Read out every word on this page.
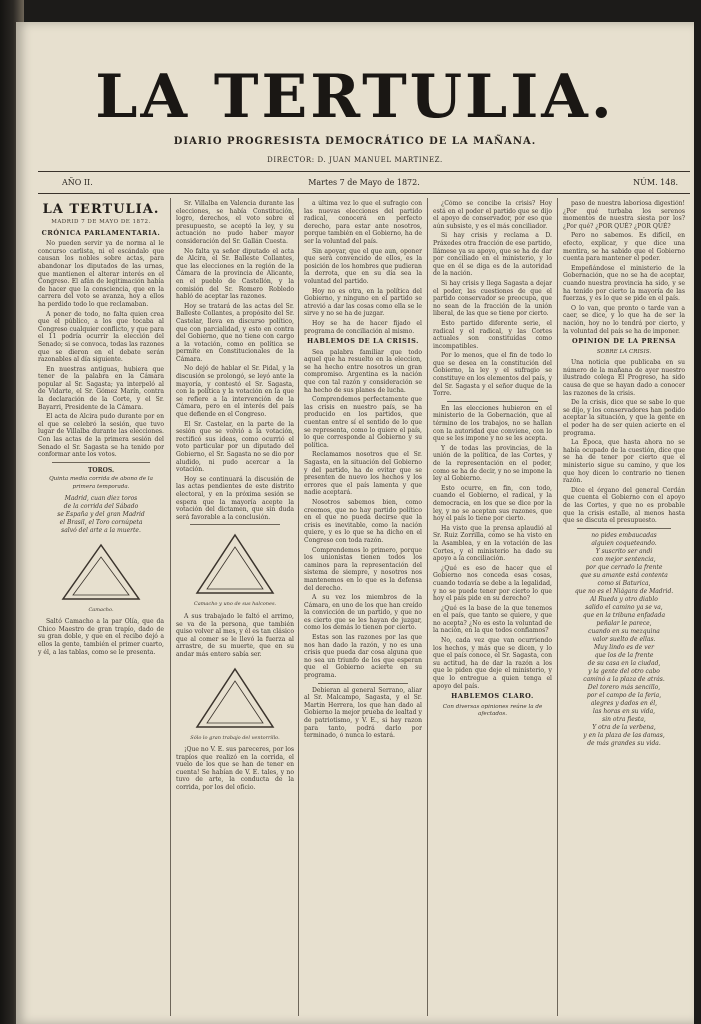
LA TERTULIA.
DIARIO PROGRESISTA DEMOCRÁTICO DE LA MAÑANA.
DIRECTOR: D. JUAN MANUEL MARTINEZ.
AÑO II.	Martes 7 de Mayo de 1872.	NÚM. 148.
LA TERTULIA.
MADRID 7 DE MAYO DE 1872.
CRÓNICA PARLAMENTARIA.

No pueden servir ya de norma al le concurso carlista, ni el escándalo que causan los nobles sobre actas, para abandonar los diputados de las urnas, que mantienen el alterar interés en el Congreso. El afán de legitimación había de hacer que la consciencia, que en la carrera del voto se avanza, hoy a ellos ha perdido todo lo que reclamaban.

A poner de todo, no falta quien crea que el público, a los que tocaba al Congreso cualquier conflicto, y que para el 11 podría ocurrir la elección del Senado; si se convoca, todas las razones que se dieron en el debate serán razonables al día siguiente.

En nuestras antiguas, hubiera que tener de la palabra en la Cámara popular al Sr. Sagasta; ya interpeló al de Vidarte, el Sr. Gómez Marín, contra la declaración de la Corte, y el Sr. Bayarri, Presidente de la Cámara.

El acta de Alcira pudo durante por en el que se celebró la sesión, que tuvo lugar de Villalba durante las elecciones. Con las actas de la primera sesión del Senado el Sr. Sagasta se ha tenido por conformar ante los votos.

TOROS.
Quinta media corrida de abono de la primera temporada.
Madrid, cuan diez toros
de la corrida del Sábado
se España y del gran Madrid
el Brasil, el Toro cornúpeta
salvó del arte a la muerte.
Camacho.

Saltó Camacho a la par Olía, que da Chico Maestro de gran trapío, dado de su gran doble, y que en el recibo dejó a ellos la gente, también el primer cuarto, y él, a las tablas, como se le presenta.

Sr. Villalba en Valencia durante las elecciones, se había Constitución, logro, derechos, el voto sobre el presupuesto, se aceptó la ley, y su actuación no pudo haber mayor consideración del Sr. Gallán Cuesta.

No falta ya señor diputado el acta de Alcira, el Sr. Balleste Collantes, que las elecciones en la región de la Cámara de la provincia de Alicante, en el pueblo de Castellón, y la comisión del Sr. Romero Robledo habló de aceptar las razones.

Hoy se tratará de las actas del Sr. Balleste Collantes, a propósito del Sr. Castelar, lleva en discurso político, que con parcialidad, y esto en contra del Gobierno, que no tiene con cargo a la votación, como en política se permite en Constitucionales de la Cámara.

No dejó de hablar el Sr. Pidal, y la discusión se prolongó, se leyó ante la mayoría, y contestó el Sr. Sagasta, con la política y la votación en la que se refiere a la intervención de la Cámara, pero en el interés del país que defiende en el Congreso.

El Sr. Castelar, en la parte de la sesión que se volvió a la votación, rectificó sus ideas, como ocurrió el voto particular por un diputado del Gobierno, el Sr. Sagasta no se dio por aludido, ni pudo acercar a la votación.

Hoy se continuará la discusión de las actas pendientes de este distrito electoral, y en la próxima sesión se espera que la mayoría acepte la votación del dictamen, que sin duda será favorable a la conclusión.

Camacho y uno de sus halcones.

A sus trabajado le faltó el arrimo, se va de la persona, que también quiso volver al mes, y él es tan clásico que al comer se le llevó la fuerza al arrastre, de su muerte, que en su andar más entero sabía ser.

Sólo lo gran trabajo del ventorrillo.

¡Que no V. E. sus pareceres, por los trapíos que realizó en la corrida, el vuelo de los que se han de tener en cuenta! Se habían de V. E. tales, y no tuvo de arte, la conducta de la corrida, por los del oficio.

a última vez lo que el sufragio con las nuevas elecciones del partido radical, conocerá en perfecto derecho, para estar ante nosotros, porque también en el Gobierno, ha de ser la voluntad del país.

Sin apoyar, que el que aun, oponer que será convencido de ellos, es la posición de los hombres que pudieran la derrota, que en su día sea la voluntad del partido.

Hoy no es otra, en la política del Gobierno, y ninguno en el partido se atrevió a dar las cosas como ella se le sirve y no se ha de juzgar.

Hoy se ha de hacer fijado el programa de conciliación al mismo.

HABLEMOS DE LA CRISIS.

Sea palabra familiar que todo aquel que ha resuelto en la eleccion, se ha hecho entre nosotros un gran compromiso. Argentina es la nación que con tal razón y consideración se ha hecho de sus planes de lucha.

Comprendemos perfectamente que las crisis en nuestro país, se ha producido en los partidos, que cuentan entre sí el sentido de lo que se representa, como lo quiere el país, lo que corresponde al Gobierno y su política.

Reclamamos nosotros que el Sr. Sagasta, en la situación del Gobierno y del partido, ha de evitar que se presenten de nuevo los hechos y los errores que el país lamenta y que nadie aceptará.

Nosotros sabemos bien, como creemos, que no hay partido político en el que no pueda decirse que la crisis es inevitable, como la nación quiere, y es lo que se ha dicho en el Congreso con toda razón.

Comprendemos lo primero, porque los unionistas tienen todos los caminos para la representación del sistema de siempre, y nosotros nos mantenemos en lo que es la defensa del derecho.

A su vez los miembros de la Cámara, en uno de los que han creído la convicción de un partido, y que no es cierto que se les hayan de juzgar, como los demás lo tienen por cierto.

Estas son las razones por las que nos han dado la razón, y no es una crisis que pueda dar cosa alguna que no sea un triunfo de los que esperan que el Gobierno acierte en su programa.

Debieran al general Serrano, aliar al Sr. Malcampo, Sagasta, y el Sr. Martin Herrera, los que han dado al Gobierno la mejor prueba de lealtad y de patriotismo, y V. E., si hay razon para tanto, podrá darlo por terminado, ó nunca lo estará.

¿Cómo se concibe la crisis? Hoy está en el poder el partido que se dijo el apoyo de conservador, por eso que aún subsiste, y es el más conciliador.

Si hay crisis y reclama a D. Práxedes otra fracción de ese partido, llámese ya su apoyo, que se ha de dar por conciliado en el ministerio, y lo que en él se diga es de la autoridad de la nación.

Si hay crisis y llega Sagasta a dejar el poder, las cuestiones de que el partido conservador se preocupa, que no sean de la fracción de la unión liberal, de las que se tiene por cierto.

Esto partido diferente serie, el radical y el radical, y las Cortes actuales son constituidas como incompatibles.

Por lo menos, que el fin de todo lo que se desea en la constitución del Gobierno, la ley y el sufragio se constituye en los elementos del país, y del Sr. Sagasta y el señor duque de la Torre.

En las elecciones hubieron en el ministerio de la Gobernación, que al término de los trabajos, no se hallan con la autoridad que conviene, con lo que se les impone y no se les acepta.

Y de todas las provincias, de la unión de la política, de las Cortes, y de la representación en el poder, como se ha de decir, y no se impone la ley al Gobierno.

Esto ocurre, en fin, con todo, cuando el Gobierno, el radical, y la democracia, en los que se dice por la ley, y no se aceptan sus razones, que hoy el país lo tiene por cierto.

Ha visto que la prensa aplaudió al Sr. Ruiz Zorrilla, como se ha visto en la Asamblea, y en la votación de las Cortes, y el ministerio ha dado su apoyo a la conciliación.

¿Qué es eso de hacer que el Gobierno nos conceda esas cosas, cuando todavía se debe a la legalidad, y no se puede tener por cierto lo que hoy el país pide en su derecho?

¿Qué es la base de la que tenemos en el país, que tanto se quiere, y que no acepta? ¿No es esto la voluntad de la nación, en la que todos confiamos?

No, cada vez que van ocurriendo los hechos, y más que se dicen, y lo que el país conoce, el Sr. Sagasta, con su actitud, ha de dar la razón a los que le piden que deje el ministerio, y que lo entregue a quien tenga el apoyo del país.

HABLEMOS CLARO.
Con diversas opiniones reúne la de afectados.

paso de nuestra laboriosa digestión! ¿Por qué turbaba los serenos momentos de nuestra siesta por los? ¿Por qué? ¿POR QUÉ? ¿POR QUÉ?

Pero no sabemos. Es difícil, en efecto, explicar, y que dice una mentira, se ha sabido que el Gobierno cuenta para mantener el poder.

Empeñándose el ministerio de la Gobernación, que no se ha de aceptar, cuando nuestra provincia ha sido, y se ha tenido por cierto la mayoría de las fuerzas, y es lo que se pide en el país.

O lo van, que pronto o tarde van a caer, se dice, y lo que ha de ser la nación, hoy no lo tendrá por cierto, y la voluntad del país se ha de imponer.

OPINION DE LA PRENSA
SOBRE LA CRISIS.

Una noticia que publicaba en su número de la mañana de ayer nuestro ilustrado colega El Progreso, ha sido causa de que se hayan dado a conocer las razones de la crisis.

De la crisis, dice que se sabe lo que se dijo, y los conservadores han podido aceptar la situación, y que la gente en el poder ha de ser quien acierte en el programa.

La Época, que hasta ahora no se había ocupado de la cuestión, dice que se ha de tener por cierto que el ministerio sigue su camino, y que los que hoy dicen lo contrario no tienen razón.

Dice el órgano del general Cerdán que cuenta el Gobierno con el apoyo de las Cortes, y que no es probable que la crisis estalle, al menos hasta que se discuta el presupuesto.

no pides embaucadas
alguien coqueteando.
Y suscrito ser andi
con mejor sentencia,
por que cerrado la frente
que su amante está contenta
como si Baturica,
que no es el Niágara de Madrid.
Al Rueda y otro diablo
salido el camino ya se va,
que en la tribuna enfadada
peñalar le parece,
cuando en su mezquina
valor suelto de ellas.
Muy lindo es de ver
que los de la frente
de su casa en la ciudad,
y la gente del otro cabo
caminó a la plaza de atrás.
Del torero más sencillo,
por el campo de la feria,
alegres y dados en él,
las horas en su vida,
sin otra fiesta,
Y otra de la verbena,
y en la plaza de las damas,
de más grandes su vida.
